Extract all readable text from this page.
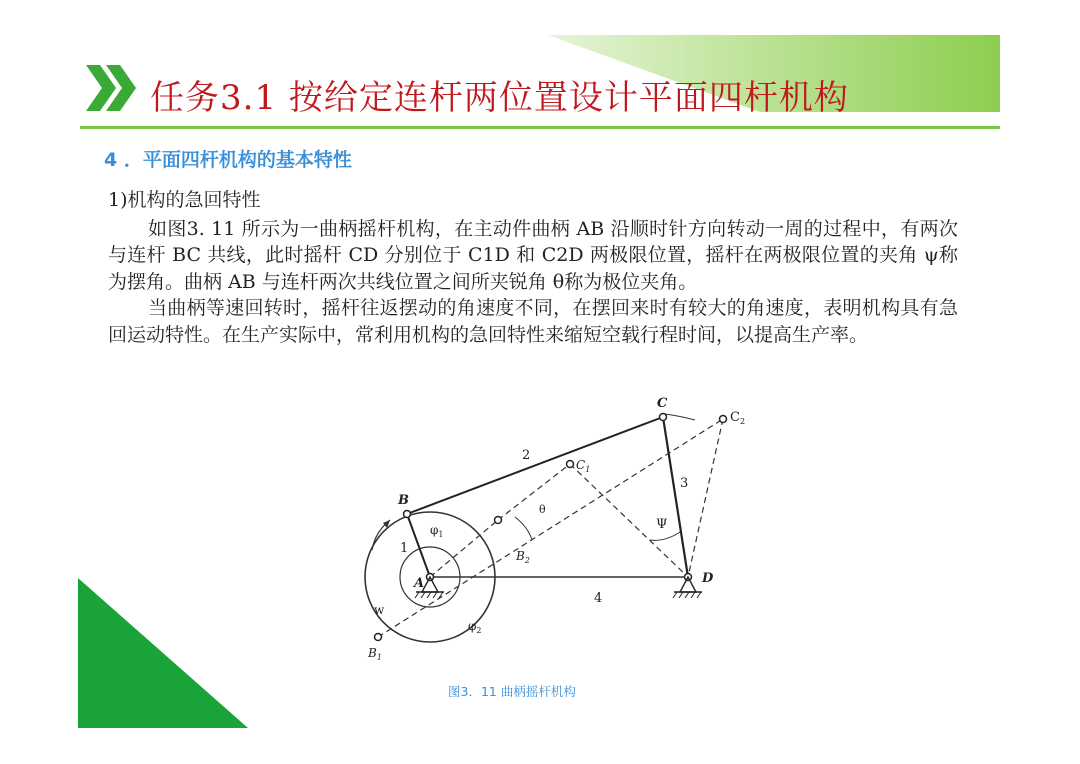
任务3.1 按给定连杆两位置设计平面四杆机构
4 ．平面四杆机构的基本特性

1)机构的急回特性

如图3. 11 所示为一曲柄摇杆机构，在主动件曲柄 AB 沿顺时针方向转动一周的过程中，有两次与连杆 BC 共线，此时摇杆 CD 分别位于 C1D 和 C2D 两极限位置，摇杆在两极限位置的夹角 ψ称为摆角。曲柄 AB 与连杆两次共线位置之间所夹锐角 θ称为极位夹角。

当曲柄等速回转时，摇杆往返摆动的角速度不同，在摆回来时有较大的角速度，表明机构具有急回运动特性。在生产实际中，常利用机构的急回特性来缩短空载行程时间，以提高生产率。

C
$C_1$
$C_2$
B
$B_1$
$B_2$
A	D
1
2
3
4
$\varphi_1$
$\varphi_2$
θ
Ψ
w
图3．11 曲柄摇杆机构
